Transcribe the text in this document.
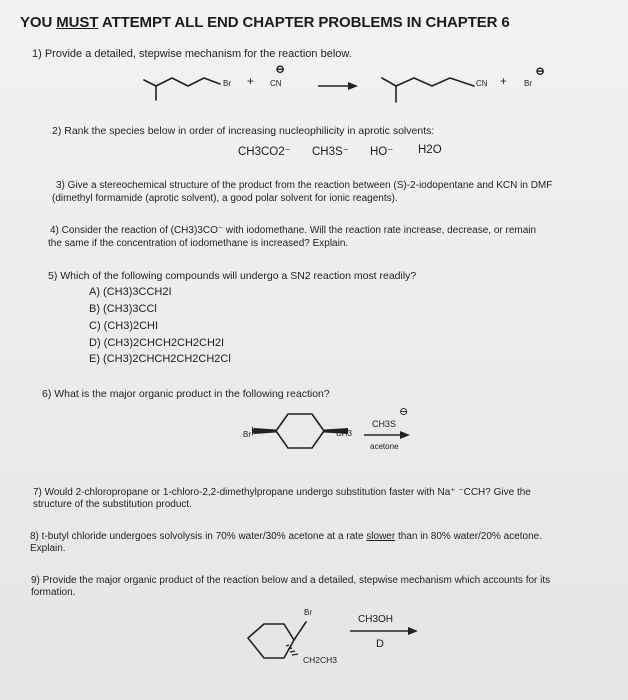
YOU MUST ATTEMPT ALL END CHAPTER PROBLEMS IN CHAPTER 6
1) Provide a detailed, stepwise mechanism for the reaction below.
Br + CN
⊖
CN + Br
⊖
2) Rank the species below in order of increasing nucleophilicity in aprotic solvents:
CH3CO2⁻ CH3S⁻ HO⁻ H2O
3) Give a stereochemical structure of the product from the reaction between (S)-2-iodopentane and KCN in DMF
(dimethyl formamide (aprotic solvent), a good polar solvent for ionic reagents).
4) Consider the reaction of (CH3)3CO⁻ with iodomethane. Will the reaction rate increase, decrease, or remain
the same if the concentration of iodomethane is increased? Explain.
5) Which of the following compounds will undergo a SN2 reaction most readily?
A) (CH3)3CCH2I
B) (CH3)3CCl
C) (CH3)2CHI
D) (CH3)2CHCH2CH2CH2I
E) (CH3)2CHCH2CH2CH2Cl
6) What is the major organic product in the following reaction?
Br	CH3
CH3S
⊖
acetone
7) Would 2-chloropropane or 1-chloro-2,2-dimethylpropane undergo substitution faster with Na⁺ ⁻CCH? Give the
structure of the substitution product.
8) t-butyl chloride undergoes solvolysis in 70% water/30% acetone at a rate slower than in 80% water/20% acetone.
Explain.
9) Provide the major organic product of the reaction below and a detailed, stepwise mechanism which accounts for its
formation.
Br
CH2CH3
CH3OH
D
